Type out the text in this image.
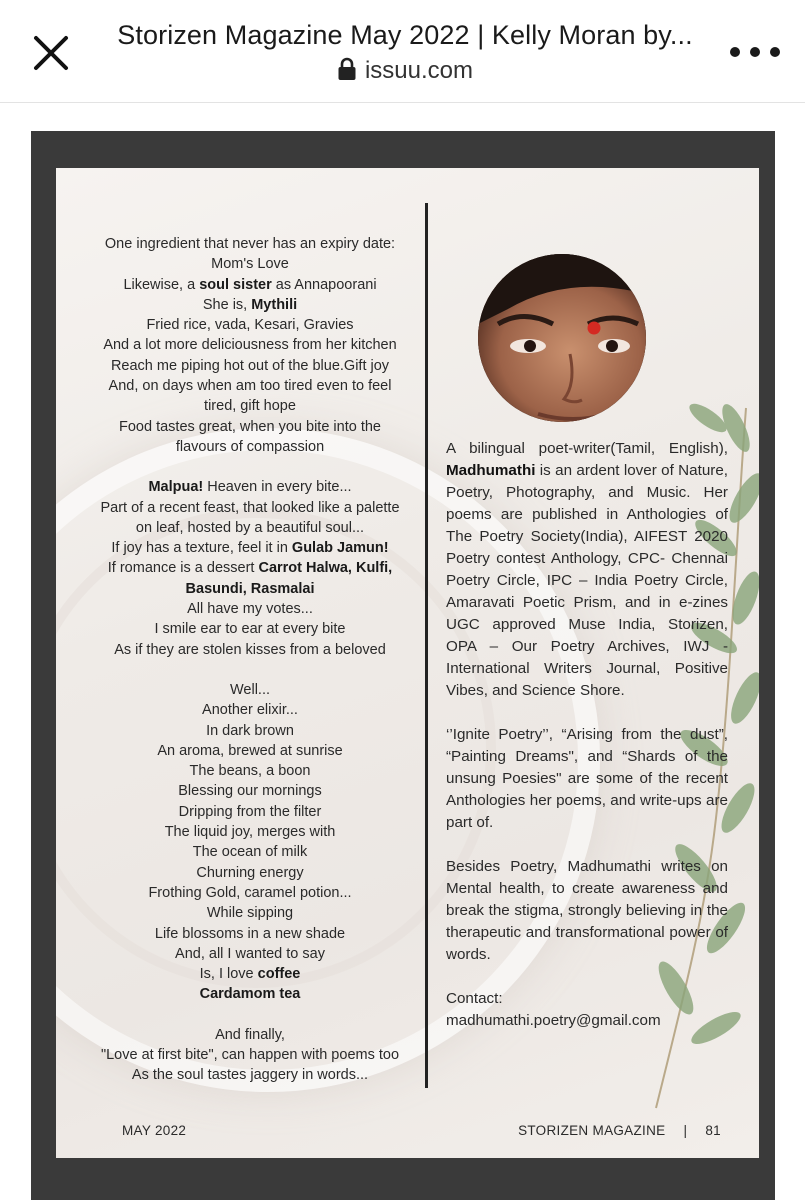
Storizen Magazine May 2022 | Kelly Moran by...
issuu.com
One ingredient that never has an expiry date:
Mom's Love
Likewise, a soul sister as Annapoorani
She is, Mythili
Fried rice, vada, Kesari, Gravies
And a lot more deliciousness from her kitchen
Reach me piping hot out of the blue.Gift joy
And, on days when am too tired even to feel
tired, gift hope
Food tastes great, when you bite into the
flavours of compassion
Malpua! Heaven in every bite...
Part of a recent feast, that looked like a palette
on leaf, hosted by a beautiful soul...
If joy has a texture, feel it in Gulab Jamun!
If romance is a dessert Carrot Halwa, Kulfi,
Basundi, Rasmalai
All have my votes...
I smile ear to ear at every bite
As if they are stolen kisses from a beloved
Well...
Another elixir...
In dark brown
An aroma, brewed at sunrise
The beans, a boon
Blessing our mornings
Dripping from the filter
The liquid joy, merges with
The ocean of milk
Churning energy
Frothing Gold, caramel potion...
While sipping
Life blossoms in a new shade
And, all I wanted to say
Is, I love coffee
Cardamom tea
And finally,
"Love at first bite", can happen with poems too
As the soul tastes jaggery in words...

A bilingual poet-writer(Tamil, English), Madhumathi is an ardent lover of Nature, Poetry, Photography, and Music. Her poems are published in Anthologies of The Poetry Society(India), AIFEST 2020 Poetry contest Anthology, CPC- Chennai Poetry Circle, IPC – India Poetry Circle, Amaravati Poetic Prism, and in e-zines UGC approved Muse India, Storizen, OPA – Our Poetry Archives, IWJ - International Writers Journal, Positive Vibes, and Science Shore.

‘’Ignite Poetry’’, “Arising from the dust”, “Painting Dreams", and “Shards of the unsung Poesies" are some of the recent Anthologies her poems, and write-ups are part of.

Besides Poetry, Madhumathi writes on Mental health, to create awareness and break the stigma, strongly believing in the therapeutic and transformational power of words.

Contact:
madhumathi.poetry@gmail.com
MAY 2022	STORIZEN MAGAZINE | 81
